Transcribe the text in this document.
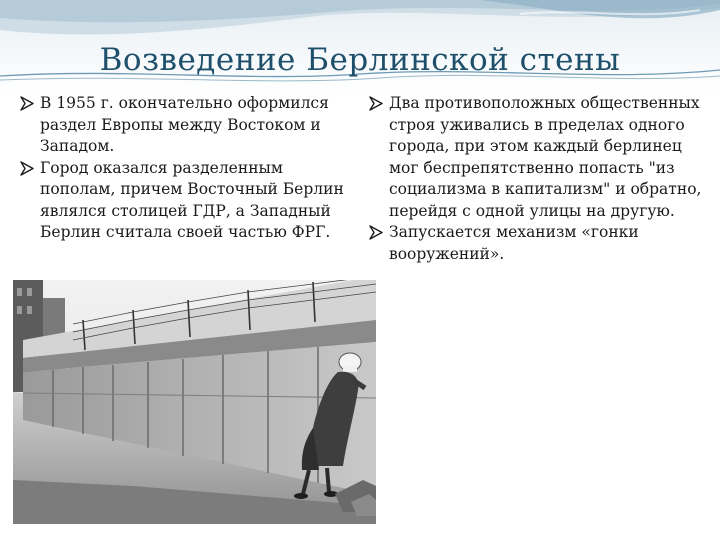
Возведение Берлинской стены
В 1955 г. окончательно оформился раздел Европы между Востоком и Западом.
Город оказался разделенным пополам, причем Восточный Берлин являлся столицей ГДР, а Западный Берлин считала своей частью ФРГ.
Два противоположных общественных строя уживались в пределах одного города, при этом каждый берлинец мог беспрепятственно попасть "из социализма в капитализм" и обратно, перейдя с одной улицы на другую.
Запускается механизм «гонки вооружений».
